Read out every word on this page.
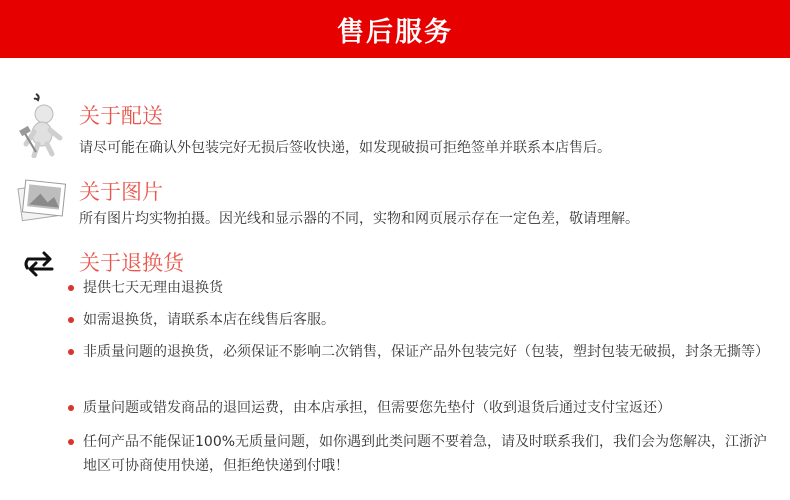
售后服务
关于配送
请尽可能在确认外包装完好无损后签收快递，如发现破损可拒绝签单并联系本店售后。
关于图片
所有图片均实物拍摄。因光线和显示器的不同，实物和网页展示存在一定色差，敬请理解。
关于退换货
提供七天无理由退换货
如需退换货，请联系本店在线售后客服。
非质量问题的退换货，必须保证不影响二次销售，保证产品外包装完好（包装，塑封包装无破损，封条无撕等）
质量问题或错发商品的退回运费，由本店承担，但需要您先垫付（收到退货后通过支付宝返还）
任何产品不能保证100%无质量问题，如你遇到此类问题不要着急，请及时联系我们，我们会为您解决，江浙沪地区可协商使用快递，但拒绝快递到付哦！
